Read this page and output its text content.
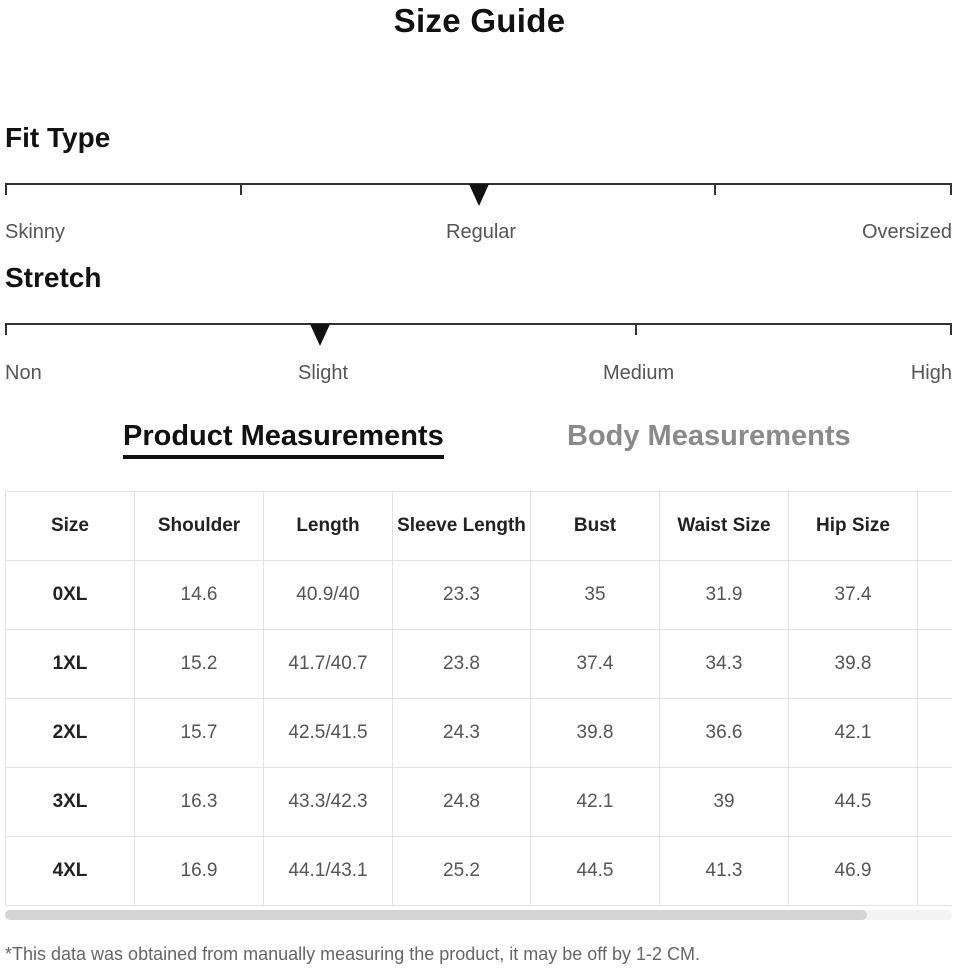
Size Guide
Fit Type
Skinny	Regular	Oversized
Stretch
Non	Slight	Medium	High
Product Measurements	Body Measurements
Size	Shoulder	Length	Sleeve Length	Bust	Waist Size	Hip Size	
0XL	14.6	40.9/40	23.3	35	31.9	37.4	
1XL	15.2	41.7/40.7	23.8	37.4	34.3	39.8	
2XL	15.7	42.5/41.5	24.3	39.8	36.6	42.1	
3XL	16.3	43.3/42.3	24.8	42.1	39	44.5	
4XL	16.9	44.1/43.1	25.2	44.5	41.3	46.9	
*This data was obtained from manually measuring the product, it may be off by 1-2 CM.
